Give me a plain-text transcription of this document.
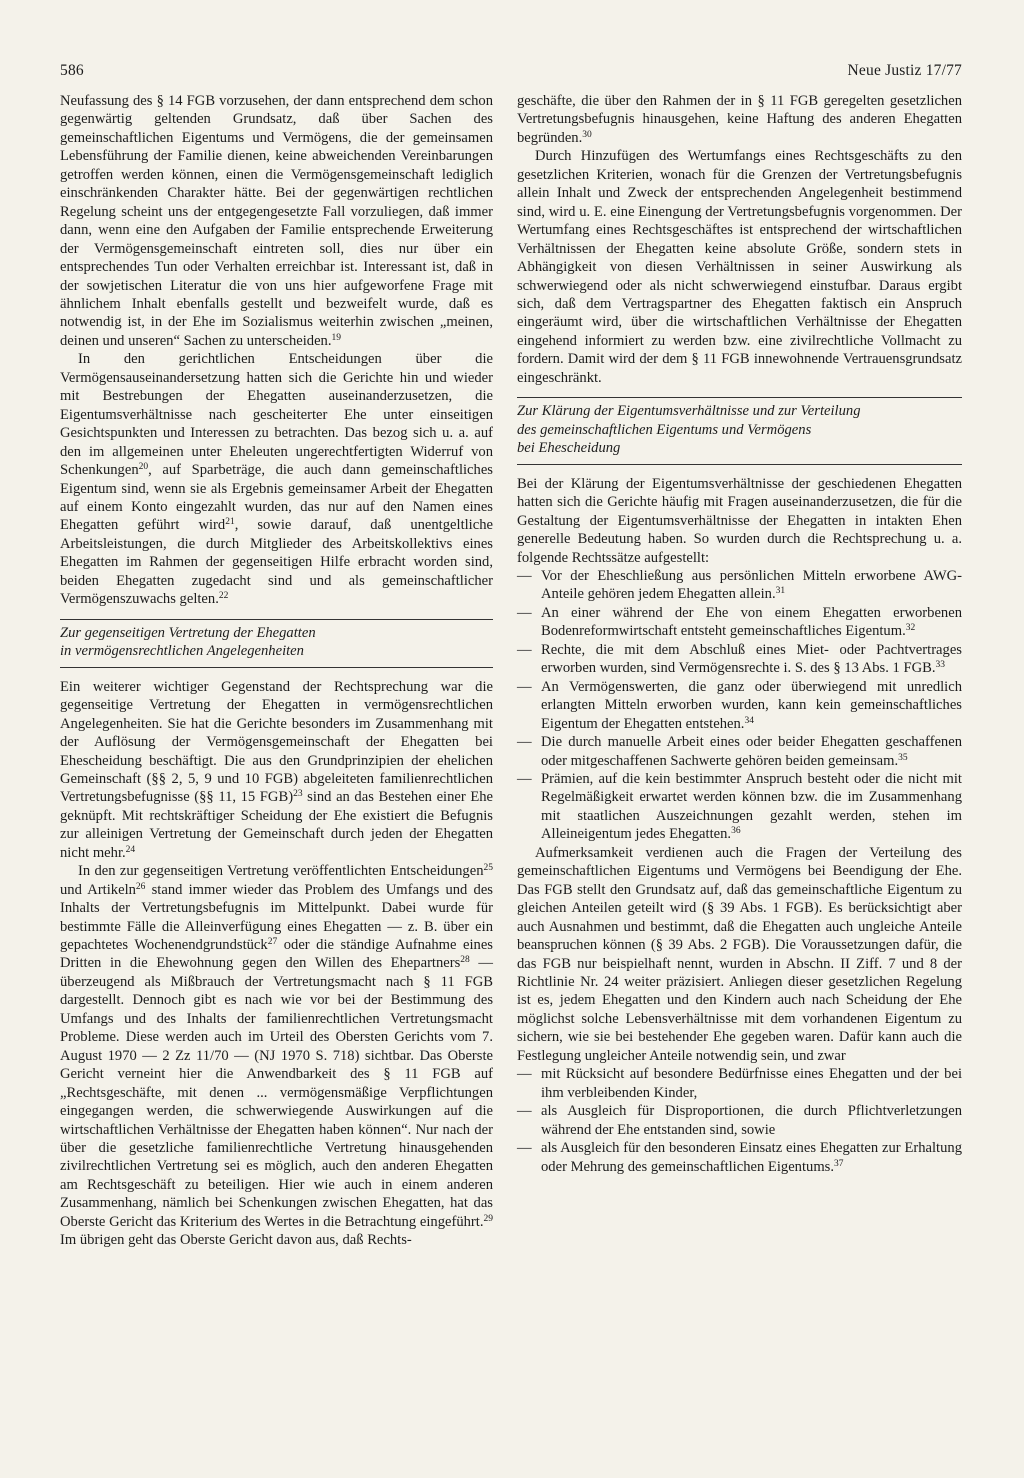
586	Neue Justiz 17/77

Neufassung des § 14 FGB vorzusehen, der dann entsprechend dem schon gegenwärtig geltenden Grundsatz, daß über Sachen des gemeinschaftlichen Eigentums und Vermögens, die der gemeinsamen Lebensführung der Familie dienen, keine abweichenden Vereinbarungen getroffen werden können, einen die Vermögensgemeinschaft lediglich einschränkenden Charakter hätte. Bei der gegenwärtigen rechtlichen Regelung scheint uns der entgegengesetzte Fall vorzuliegen, daß immer dann, wenn eine den Aufgaben der Familie entsprechende Erweiterung der Vermögensgemeinschaft eintreten soll, dies nur über ein entsprechendes Tun oder Verhalten erreichbar ist. Interessant ist, daß in der sowjetischen Literatur die von uns hier aufgeworfene Frage mit ähnlichem Inhalt ebenfalls gestellt und bezweifelt wurde, daß es notwendig ist, in der Ehe im Sozialismus weiterhin zwischen „meinen, deinen und unseren“ Sachen zu unterscheiden.$^{19}$

In den gerichtlichen Entscheidungen über die Vermögensauseinandersetzung hatten sich die Gerichte hin und wieder mit Bestrebungen der Ehegatten auseinanderzusetzen, die Eigentumsverhältnisse nach gescheiterter Ehe unter einseitigen Gesichtspunkten und Interessen zu betrachten. Das bezog sich u. a. auf den im allgemeinen unter Eheleuten ungerechtfertigten Widerruf von Schenkungen$^{20}$, auf Sparbeträge, die auch dann gemeinschaftliches Eigentum sind, wenn sie als Ergebnis gemeinsamer Arbeit der Ehegatten auf einem Konto eingezahlt wurden, das nur auf den Namen eines Ehegatten geführt wird$^{21}$, sowie darauf, daß unentgeltliche Arbeitsleistungen, die durch Mitglieder des Arbeitskollektivs eines Ehegatten im Rahmen der gegenseitigen Hilfe erbracht worden sind, beiden Ehegatten zugedacht sind und als gemeinschaftlicher Vermögenszuwachs gelten.$^{22}$

Zur gegenseitigen Vertretung der Ehegatten
in vermögensrechtlichen Angelegenheiten

Ein weiterer wichtiger Gegenstand der Rechtsprechung war die gegenseitige Vertretung der Ehegatten in vermögensrechtlichen Angelegenheiten. Sie hat die Gerichte besonders im Zusammenhang mit der Auflösung der Vermögensgemeinschaft der Ehegatten bei Ehescheidung beschäftigt. Die aus den Grundprinzipien der ehelichen Gemeinschaft (§§ 2, 5, 9 und 10 FGB) abgeleiteten familienrechtlichen Vertretungsbefugnisse (§§ 11, 15 FGB)$^{23}$ sind an das Bestehen einer Ehe geknüpft. Mit rechtskräftiger Scheidung der Ehe existiert die Befugnis zur alleinigen Vertretung der Gemeinschaft durch jeden der Ehegatten nicht mehr.$^{24}$

In den zur gegenseitigen Vertretung veröffentlichten Entscheidungen$^{25}$ und Artikeln$^{26}$ stand immer wieder das Problem des Umfangs und des Inhalts der Vertretungsbefugnis im Mittelpunkt. Dabei wurde für bestimmte Fälle die Alleinverfügung eines Ehegatten — z. B. über ein gepachtetes Wochenendgrundstück$^{27}$ oder die ständige Aufnahme eines Dritten in die Ehewohnung gegen den Willen des Ehepartners$^{28}$ — überzeugend als Mißbrauch der Vertretungsmacht nach § 11 FGB dargestellt. Dennoch gibt es nach wie vor bei der Bestimmung des Umfangs und des Inhalts der familienrechtlichen Vertretungsmacht Probleme. Diese werden auch im Urteil des Obersten Gerichts vom 7. August 1970 — 2 Zz 11/70 — (NJ 1970 S. 718) sichtbar. Das Oberste Gericht verneint hier die Anwendbarkeit des § 11 FGB auf „Rechtsgeschäfte, mit denen ... vermögensmäßige Verpflichtungen eingegangen werden, die schwerwiegende Auswirkungen auf die wirtschaftlichen Verhältnisse der Ehegatten haben können“. Nur nach der über die gesetzliche familienrechtliche Vertretung hinausgehenden zivilrechtlichen Vertretung sei es möglich, auch den anderen Ehegatten am Rechtsgeschäft zu beteiligen. Hier wie auch in einem anderen Zusammenhang, nämlich bei Schenkungen zwischen Ehegatten, hat das Oberste Gericht das Kriterium des Wertes in die Betrachtung eingeführt.$^{29}$ Im übrigen geht das Oberste Gericht davon aus, daß Rechts-

geschäfte, die über den Rahmen der in § 11 FGB geregelten gesetzlichen Vertretungsbefugnis hinausgehen, keine Haftung des anderen Ehegatten begründen.$^{30}$

Durch Hinzufügen des Wertumfangs eines Rechtsgeschäfts zu den gesetzlichen Kriterien, wonach für die Grenzen der Vertretungsbefugnis allein Inhalt und Zweck der entsprechenden Angelegenheit bestimmend sind, wird u. E. eine Einengung der Vertretungsbefugnis vorgenommen. Der Wertumfang eines Rechtsgeschäftes ist entsprechend der wirtschaftlichen Verhältnissen der Ehegatten keine absolute Größe, sondern stets in Abhängigkeit von diesen Verhältnissen in seiner Auswirkung als schwerwiegend oder als nicht schwerwiegend einstufbar. Daraus ergibt sich, daß dem Vertragspartner des Ehegatten faktisch ein Anspruch eingeräumt wird, über die wirtschaftlichen Verhältnisse der Ehegatten eingehend informiert zu werden bzw. eine zivilrechtliche Vollmacht zu fordern. Damit wird der dem § 11 FGB innewohnende Vertrauensgrundsatz eingeschränkt.

Zur Klärung der Eigentumsverhältnisse und zur Verteilung
des gemeinschaftlichen Eigentums und Vermögens
bei Ehescheidung

Bei der Klärung der Eigentumsverhältnisse der geschiedenen Ehegatten hatten sich die Gerichte häufig mit Fragen auseinanderzusetzen, die für die Gestaltung der Eigentumsverhältnisse der Ehegatten in intakten Ehen generelle Bedeutung haben. So wurden durch die Rechtsprechung u. a. folgende Rechtssätze aufgestellt:

— Vor der Eheschließung aus persönlichen Mitteln erworbene AWG-Anteile gehören jedem Ehegatten allein.$^{31}$
— An einer während der Ehe von einem Ehegatten erworbenen Bodenreformwirtschaft entsteht gemeinschaftliches Eigentum.$^{32}$
— Rechte, die mit dem Abschluß eines Miet- oder Pachtvertrages erworben wurden, sind Vermögensrechte i. S. des § 13 Abs. 1 FGB.$^{33}$
— An Vermögenswerten, die ganz oder überwiegend mit unredlich erlangten Mitteln erworben wurden, kann kein gemeinschaftliches Eigentum der Ehegatten entstehen.$^{34}$
— Die durch manuelle Arbeit eines oder beider Ehegatten geschaffenen oder mitgeschaffenen Sachwerte gehören beiden gemeinsam.$^{35}$
— Prämien, auf die kein bestimmter Anspruch besteht oder die nicht mit Regelmäßigkeit erwartet werden können bzw. die im Zusammenhang mit staatlichen Auszeichnungen gezahlt werden, stehen im Alleineigentum jedes Ehegatten.$^{36}$

Aufmerksamkeit verdienen auch die Fragen der Verteilung des gemeinschaftlichen Eigentums und Vermögens bei Beendigung der Ehe. Das FGB stellt den Grundsatz auf, daß das gemeinschaftliche Eigentum zu gleichen Anteilen geteilt wird (§ 39 Abs. 1 FGB). Es berücksichtigt aber auch Ausnahmen und bestimmt, daß die Ehegatten auch ungleiche Anteile beanspruchen können (§ 39 Abs. 2 FGB). Die Voraussetzungen dafür, die das FGB nur beispielhaft nennt, wurden in Abschn. II Ziff. 7 und 8 der Richtlinie Nr. 24 weiter präzisiert. Anliegen dieser gesetzlichen Regelung ist es, jedem Ehegatten und den Kindern auch nach Scheidung der Ehe möglichst solche Lebensverhältnisse mit dem vorhandenen Eigentum zu sichern, wie sie bei bestehender Ehe gegeben waren. Dafür kann auch die Festlegung ungleicher Anteile notwendig sein, und zwar

— mit Rücksicht auf besondere Bedürfnisse eines Ehegatten und der bei ihm verbleibenden Kinder,
— als Ausgleich für Disproportionen, die durch Pflichtverletzungen während der Ehe entstanden sind, sowie
— als Ausgleich für den besonderen Einsatz eines Ehegatten zur Erhaltung oder Mehrung des gemeinschaftlichen Eigentums.$^{37}$
